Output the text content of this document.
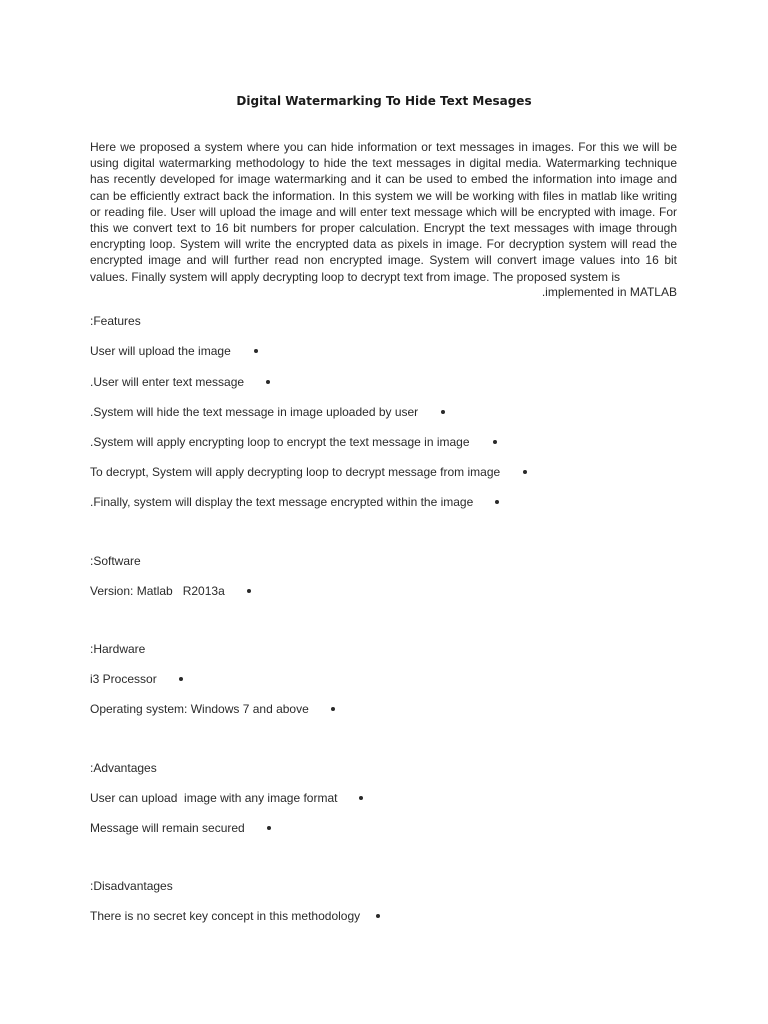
Digital Watermarking To Hide Text Mesages
Here we proposed a system where you can hide information or text messages in images. For this we will be using digital watermarking methodology to hide the text messages in digital media. Watermarking technique has recently developed for image watermarking and it can be used to embed the information into image and can be efficiently extract back the information. In this system we will be working with files in matlab like writing or reading file. User will upload the image and will enter text message which will be encrypted with image. For this we convert text to 16 bit numbers for proper calculation. Encrypt the text messages with image through encrypting loop. System will write the encrypted data as pixels in image. For decryption system will read the encrypted image and will further read non encrypted image. System will convert image values into 16 bit values. Finally system will apply decrypting loop to decrypt text from image. The proposed system is
.implemented in MATLAB
:Features
User will upload the image
.User will enter text message
.System will hide the text message in image uploaded by user
.System will apply encrypting loop to encrypt the text message in image
To decrypt, System will apply decrypting loop to decrypt message from image
.Finally, system will display the text message encrypted within the image
:Software
Version: Matlab   R2013a
:Hardware
i3 Processor
Operating system: Windows 7 and above
:Advantages
User can upload  image with any image format
Message will remain secured
:Disadvantages
There is no secret key concept in this methodology
